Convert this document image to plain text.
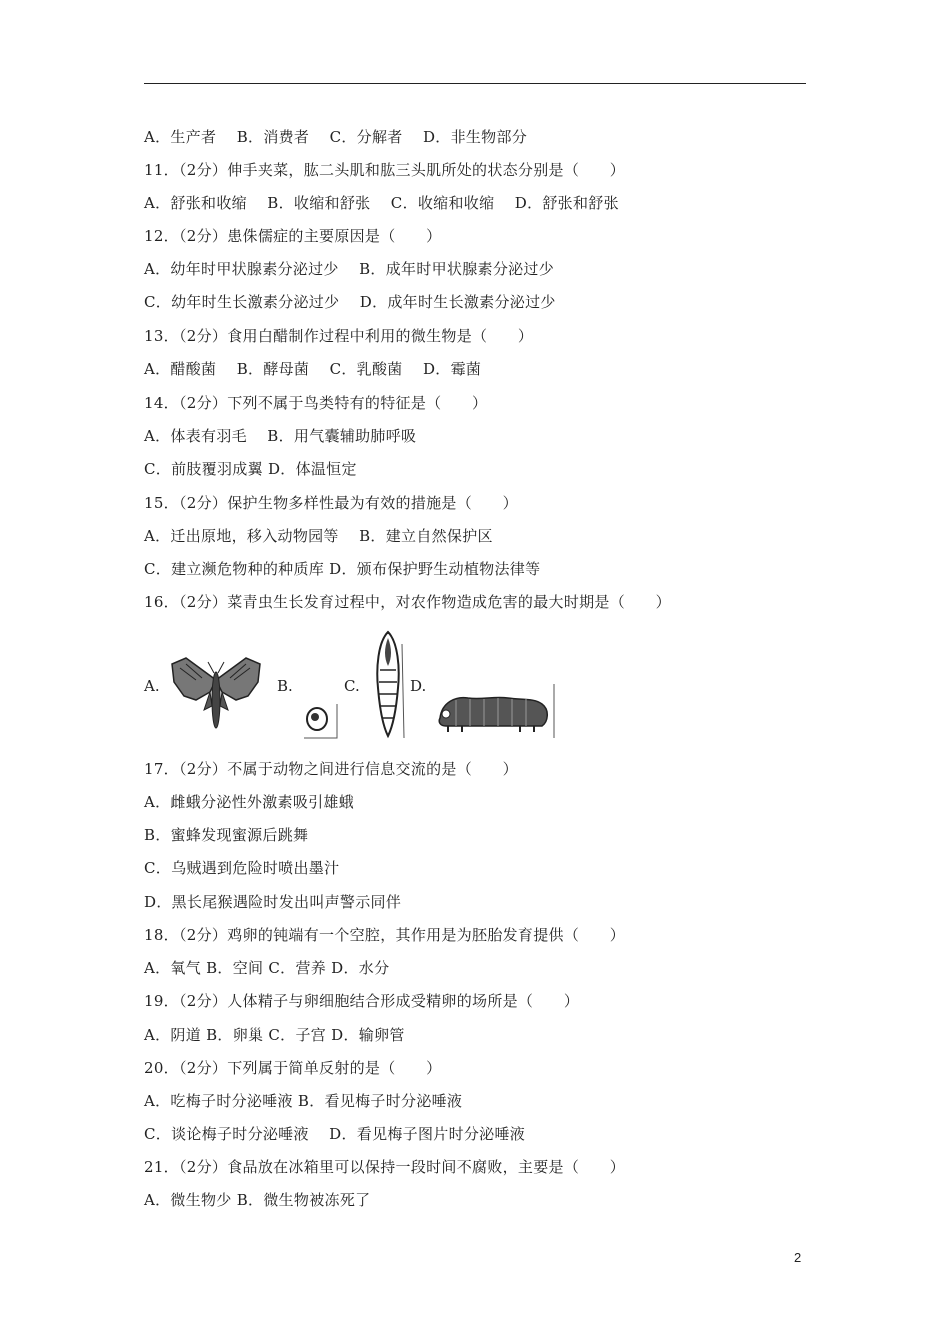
A．生产者　 B．消费者　 C．分解者　 D．非生物部分
11．（2分）伸手夹菜，肱二头肌和肱三头肌所处的状态分别是（　　）
A．舒张和收缩　 B．收缩和舒张　 C．收缩和收缩　 D．舒张和舒张
12．（2分）患侏儒症的主要原因是（　　）
A．幼年时甲状腺素分泌过少　 B．成年时甲状腺素分泌过少
C．幼年时生长激素分泌过少　 D．成年时生长激素分泌过少
13．（2分）食用白醋制作过程中利用的微生物是（　　）
A．醋酸菌　 B．酵母菌　 C．乳酸菌　 D．霉菌
14．（2分）下列不属于鸟类特有的特征是（　　）
A．体表有羽毛　 B．用气囊辅助肺呼吸
C．前肢覆羽成翼 D．体温恒定
15．（2分）保护生物多样性最为有效的措施是（　　）
A．迁出原地，移入动物园等　 B．建立自然保护区
C．建立濒危物种的种质库 D．颁布保护野生动植物法律等
16．（2分）菜青虫生长发育过程中，对农作物造成危害的最大时期是（　　）
A.	B.	C.	D.
17．（2分）不属于动物之间进行信息交流的是（　　）
A．雌蛾分泌性外激素吸引雄蛾
B．蜜蜂发现蜜源后跳舞
C．乌贼遇到危险时喷出墨汁
D．黑长尾猴遇险时发出叫声警示同伴
18．（2分）鸡卵的钝端有一个空腔，其作用是为胚胎发育提供（　　）
A．氧气 B．空间 C．营养 D．水分
19．（2分）人体精子与卵细胞结合形成受精卵的场所是（　　）
A．阴道 B．卵巢 C．子宫 D．输卵管
20．（2分）下列属于简单反射的是（　　）
A．吃梅子时分泌唾液 B．看见梅子时分泌唾液
C．谈论梅子时分泌唾液　 D．看见梅子图片时分泌唾液
21．（2分）食品放在冰箱里可以保持一段时间不腐败，主要是（　　）
A．微生物少 B．微生物被冻死了
2
